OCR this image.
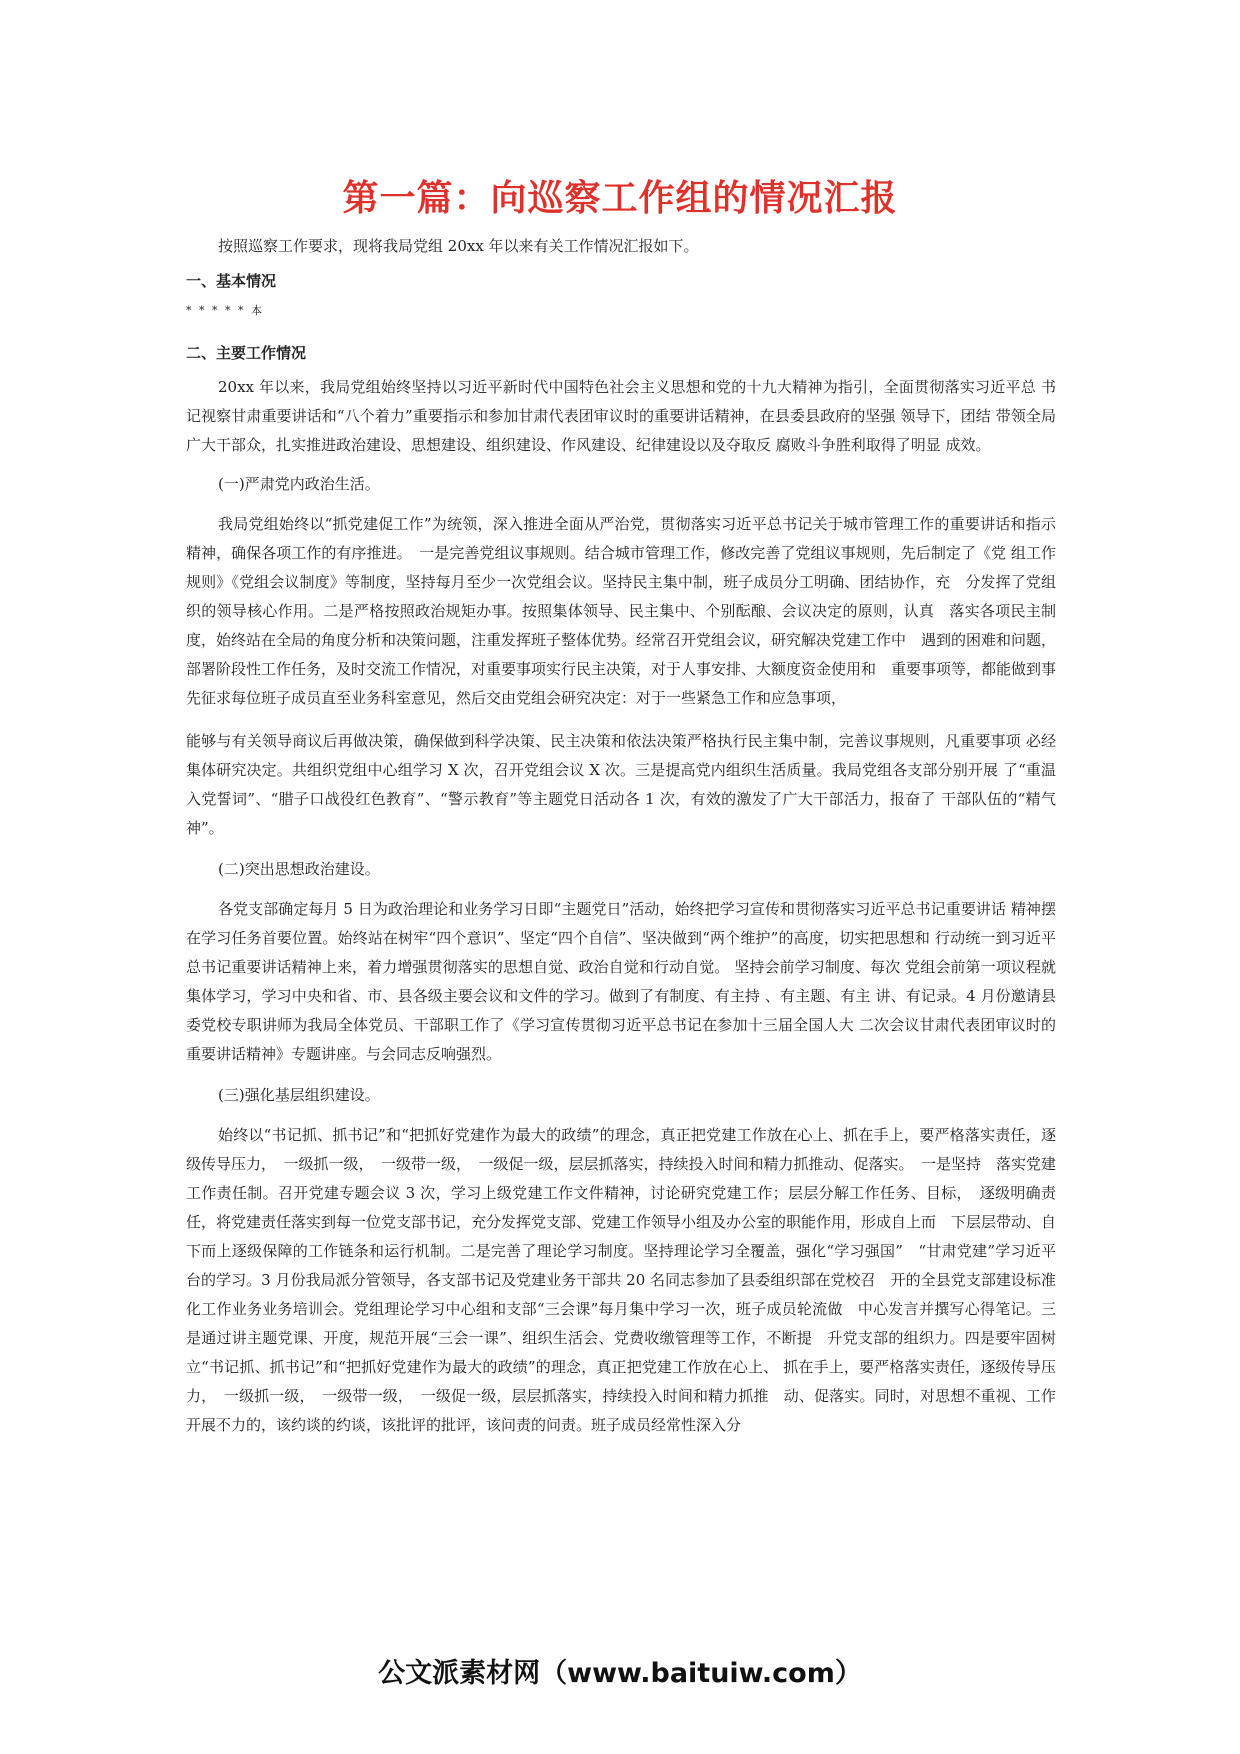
第一篇：向巡察工作组的情况汇报

按照巡察工作要求，现将我局党组 20xx 年以来有关工作情况汇报如下。

一、基本情况

* * * * * 本

二、主要工作情况

20xx 年以来，我局党组始终坚持以习近平新时代中国特色社会主义思想和党的十九大精神为指引，全面贯彻落实习近平总 书记视察甘肃重要讲话和“八个着力”重要指示和参加甘肃代表团审议时的重要讲话精神，在县委县政府的坚强 领导下，团结 带领全局广大干部众，扎实推进政治建设、思想建设、组织建设、作风建设、纪律建设以及夺取反 腐败斗争胜利取得了明显 成效。

(一)严肃党内政治生活。

我局党组始终以“抓党建促工作”为统领，深入推进全面从严治党，贯彻落实习近平总书记关于城市管理工作的重要讲话和指示精神，确保各项工作的有序推进。　一是完善党组议事规则。结合城市管理工作，修改完善了党组议事规则，先后制定了《党 组工作规则》《党组会议制度》等制度，坚持每月至少一次党组会议。坚持民主集中制，班子成员分工明确、团结协作，充　分发挥了党组织的领导核心作用。二是严格按照政治规矩办事。按照集体领导、民主集中、个别酝酿、会议决定的原则，认真　落实各项民主制度，始终站在全局的角度分析和决策问题，注重发挥班子整体优势。经常召开党组会议，研究解决党建工作中　遇到的困难和问题，部署阶段性工作任务，及时交流工作情况，对重要事项实行民主决策，对于人事安排、大额度资金使用和　重要事项等，都能做到事先征求每位班子成员直至业务科室意见，然后交由党组会研究决定：对于一些紧急工作和应急事项，

能够与有关领导商议后再做决策，确保做到科学决策、民主决策和依法决策严格执行民主集中制，完善议事规则，凡重要事项 必经集体研究决定。共组织党组中心组学习 X 次，召开党组会议 X 次。三是提高党内组织生活质量。我局党组各支部分别开展 了“重温入党誓词”、“腊子口战役红色教育”、“警示教育”等主题党日活动各 1 次，有效的激发了广大干部活力，报奋了 干部队伍的“精气神”。

(二)突出思想政治建设。

各党支部确定每月 5 日为政治理论和业务学习日即“主题党日”活动，始终把学习宣传和贯彻落实习近平总书记重要讲话 精神摆在学习任务首要位置。始终站在树牢“四个意识”、坚定“四个自信”、坚决做到“两个维护”的高度，切实把思想和 行动统一到习近平总书记重要讲话精神上来，着力增强贯彻落实的思想自觉、政治自觉和行动自觉。 坚持会前学习制度、每次 党组会前第一项议程就集体学习，学习中央和省、市、县各级主要会议和文件的学习。做到了有制度、有主持 、有主题、有主 讲、有记录。4 月份邀请县委党校专职讲师为我局全体党员、干部职工作了《学习宣传贯彻习近平总书记在参加十三届全国人大 二次会议甘肃代表团审议时的重要讲话精神》专题讲座。与会同志反响强烈。

(三)强化基层组织建设。

始终以“书记抓、抓书记”和“把抓好党建作为最大的政绩”的理念，真正把党建工作放在心上、抓在手上，要严格落实责任，逐级传导压力，　一级抓一级，　一级带一级，　一级促一级，层层抓落实，持续投入时间和精力抓推动、促落实。　一是坚持　落实党建工作责任制。召开党建专题会议 3 次，学习上级党建工作文件精神，讨论研究党建工作；层层分解工作任务、目标，　逐级明确责任，将党建责任落实到每一位党支部书记，充分发挥党支部、党建工作领导小组及办公室的职能作用，形成自上而　下层层带动、自下而上逐级保障的工作链条和运行机制。二是完善了理论学习制度。坚持理论学习全覆盖，强化“学习强国”　“甘肃党建”学习近平台的学习。3 月份我局派分管领导，各支部书记及党建业务干部共 20 名同志参加了县委组织部在党校召　开的全县党支部建设标准化工作业务业务培训会。党组理论学习中心组和支部“三会课”每月集中学习一次，班子成员轮流做　中心发言并撰写心得笔记。三是通过讲主题党课、开度，规范开展“三会一课”、组织生活会、党费收缴管理等工作，不断提　升党支部的组织力。四是要牢固树立“书记抓、抓书记”和“把抓好党建作为最大的政绩”的理念，真正把党建工作放在心上、 抓在手上，要严格落实责任，逐级传导压力，　一级抓一级，　一级带一级，　一级促一级，层层抓落实，持续投入时间和精力抓推　动、促落实。同时，对思想不重视、工作开展不力的，该约谈的约谈，该批评的批评，该问责的问责。班子成员经常性深入分

公文派素材网（www.baituiw.com）
